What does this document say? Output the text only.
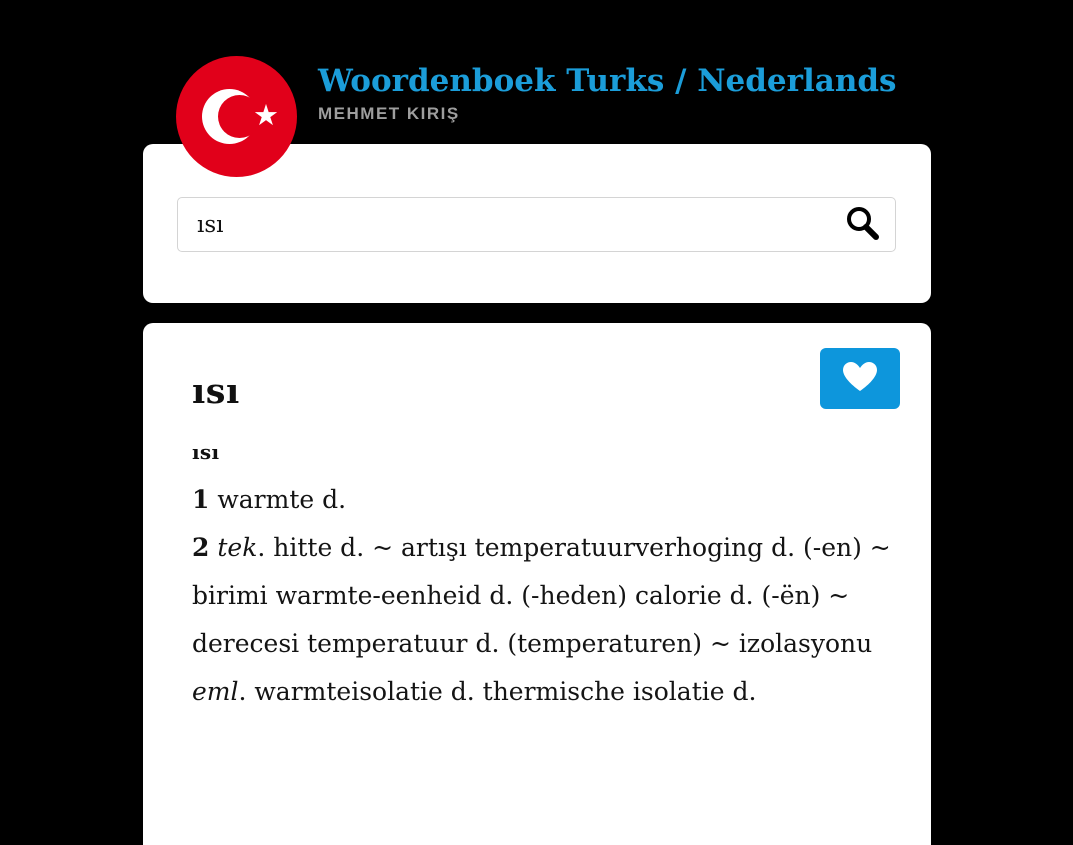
★
Woordenboek Turks / Nederlands
MEHMET KIRIŞ
ısı
ısı
ısı
1 warmte d.
2 tek. hitte d. ~ artışı temperatuurverhoging d. (-en) ~ birimi warmte-eenheid d. (-heden) calorie d. (-ën) ~ derecesi temperatuur d. (temperaturen) ~ izolasyonu eml. warmteisolatie d. thermische isolatie d.
